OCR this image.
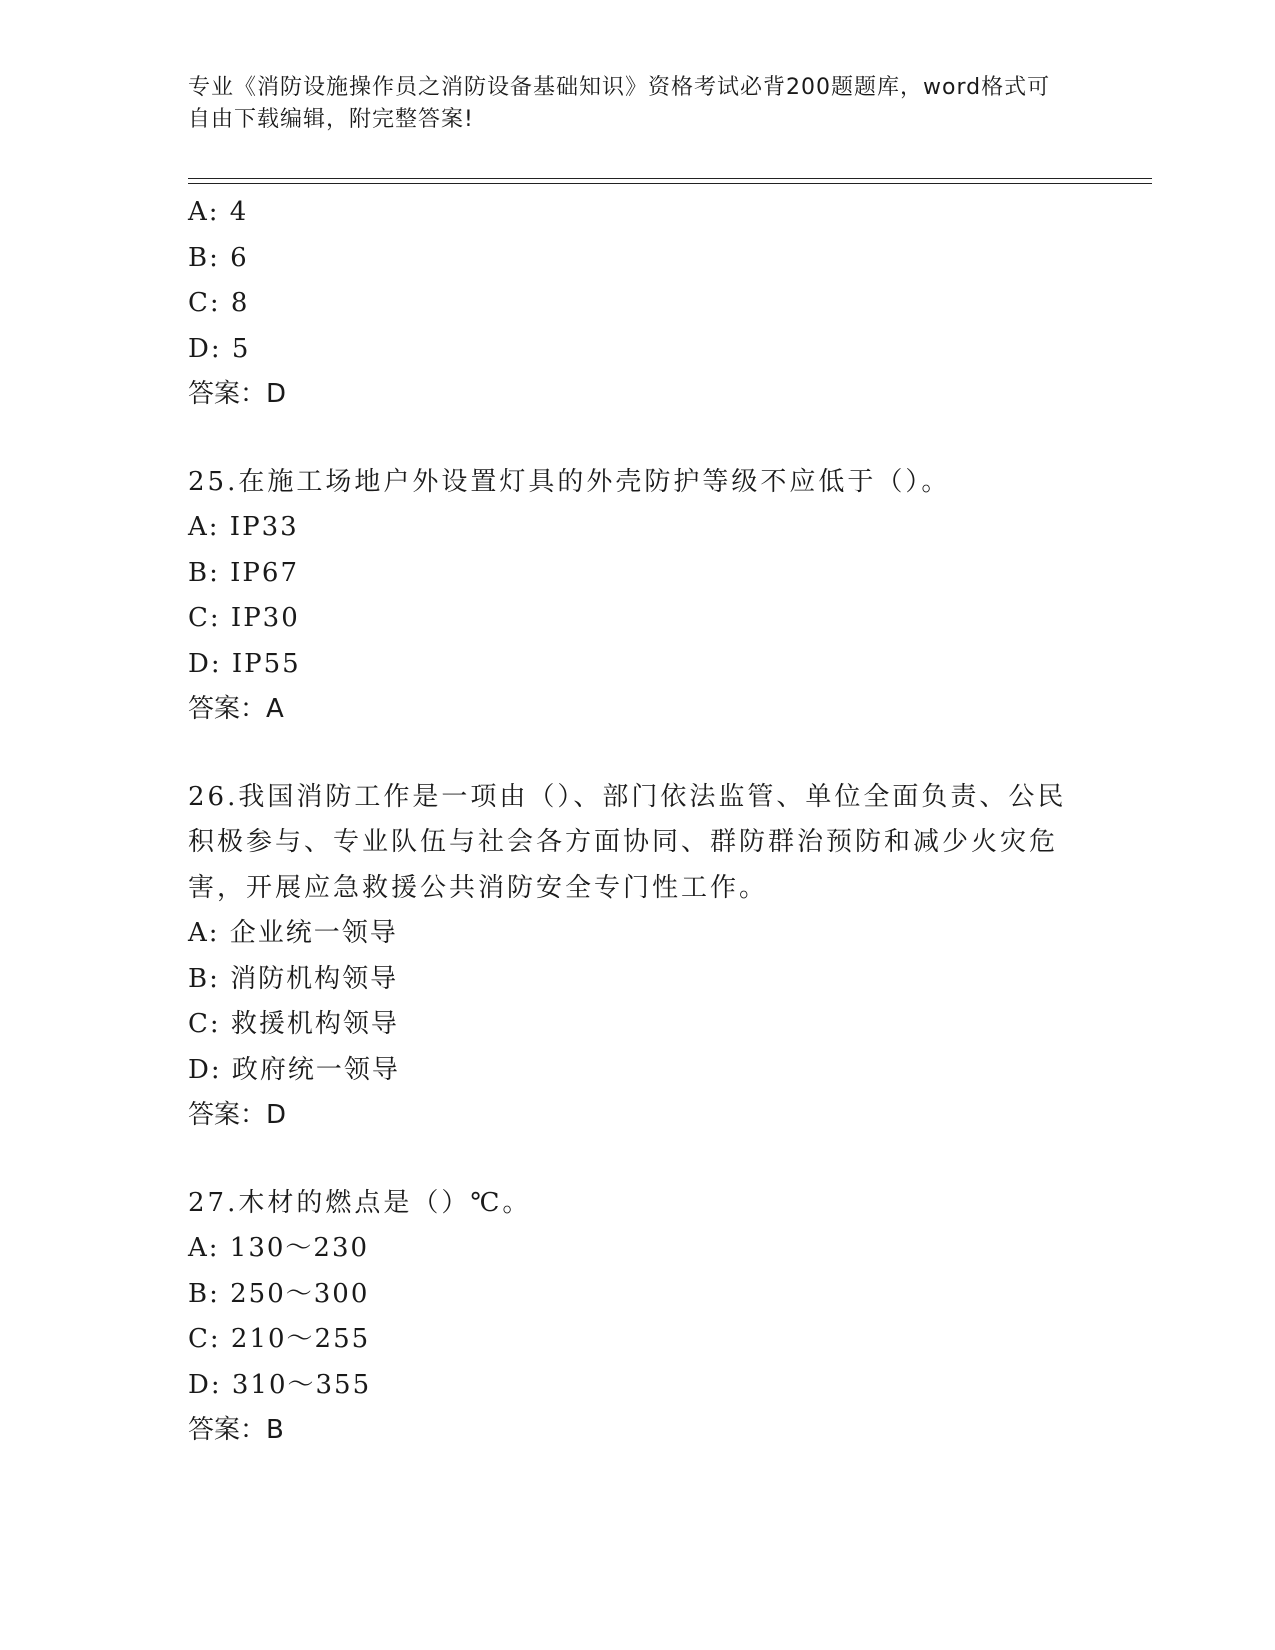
专业《消防设施操作员之消防设备基础知识》资格考试必背200题题库，word格式可自由下载编辑，附完整答案!
A: 4
B: 6
C: 8
D: 5
答案：D
25.在施工场地户外设置灯具的外壳防护等级不应低于（）。
A: IP33
B: IP67
C: IP30
D: IP55
答案：A
26.我国消防工作是一项由（）、部门依法监管、单位全面负责、公民积极参与、专业队伍与社会各方面协同、群防群治预防和减少火灾危害，开展应急救援公共消防安全专门性工作。
A: 企业统一领导
B: 消防机构领导
C: 救援机构领导
D: 政府统一领导
答案：D
27.木材的燃点是（）℃。
A: 130～230
B: 250～300
C: 210～255
D: 310～355
答案：B
